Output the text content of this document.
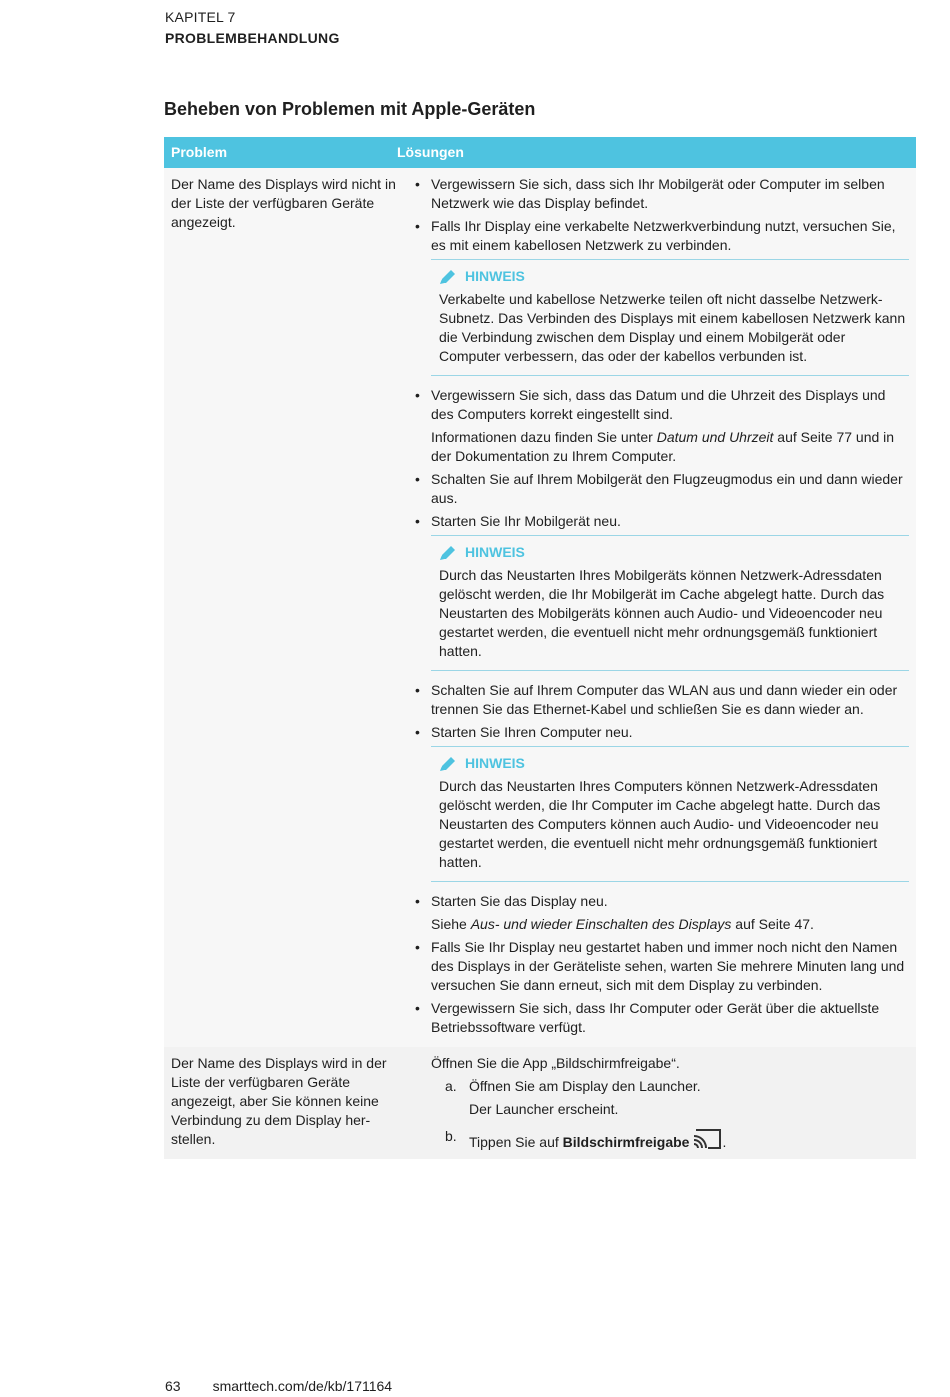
KAPITEL 7
PROBLEMBEHANDLUNG
Beheben von Problemen mit Apple-Geräten
Problem	Lösungen
Der Name des Displays wird nicht in der Liste der verfügbaren Geräte angezeigt.
• Vergewissern Sie sich, dass sich Ihr Mobilgerät oder Computer im selben Netzwerk wie das Display befindet.
• Falls Ihr Display eine verkabelte Netzwerkverbindung nutzt, versuchen Sie, es mit einem kabellosen Netzwerk zu verbinden.
HINWEIS
Verkabelte und kabellose Netzwerke teilen oft nicht dasselbe Netzwerk-Subnetz. Das Verbinden des Displays mit einem kabellosen Netzwerk kann die Verbindung zwischen dem Display und einem Mobilgerät oder Computer verbessern, das oder der kabellos verbunden ist.
• Vergewissern Sie sich, dass das Datum und die Uhrzeit des Displays und des Computers korrekt eingestellt sind.
Informationen dazu finden Sie unter Datum und Uhrzeit auf Seite 77 und in der Dokumentation zu Ihrem Computer.
• Schalten Sie auf Ihrem Mobilgerät den Flugzeugmodus ein und dann wieder aus.
• Starten Sie Ihr Mobilgerät neu.
HINWEIS
Durch das Neustarten Ihres Mobilgeräts können Netzwerk-Adressdaten gelöscht werden, die Ihr Mobilgerät im Cache abgelegt hatte. Durch das Neustarten des Mobilgeräts können auch Audio- und Videoencoder neu gestartet werden, die eventuell nicht mehr ordnungsgemäß funktioniert hatten.
• Schalten Sie auf Ihrem Computer das WLAN aus und dann wieder ein oder trennen Sie das Ethernet-Kabel und schließen Sie es dann wieder an.
• Starten Sie Ihren Computer neu.
HINWEIS
Durch das Neustarten Ihres Computers können Netzwerk-Adressdaten gelöscht werden, die Ihr Computer im Cache abgelegt hatte. Durch das Neustarten des Computers können auch Audio- und Videoencoder neu gestartet werden, die eventuell nicht mehr ordnungsgemäß funktioniert hatten.
• Starten Sie das Display neu.
Siehe Aus- und wieder Einschalten des Displays auf Seite 47.
• Falls Sie Ihr Display neu gestartet haben und immer noch nicht den Namen des Displays in der Geräteliste sehen, warten Sie mehrere Minuten lang und versuchen Sie dann erneut, sich mit dem Display zu verbinden.
• Vergewissern Sie sich, dass Ihr Computer oder Gerät über die aktuellste Betriebssoftware verfügt.
Der Name des Displays wird in der Liste der verfügbaren Geräte angezeigt, aber Sie können keine Verbindung zu dem Display her-stellen.
Öffnen Sie die App „Bildschirmfreigabe“.
a. Öffnen Sie am Display den Launcher.
Der Launcher erscheint.
b. Tippen Sie auf Bildschirmfreigabe .
63 smarttech.com/de/kb/171164
